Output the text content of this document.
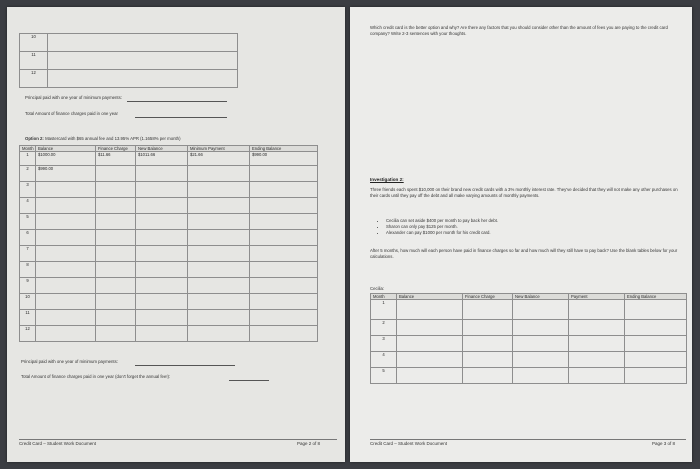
10	
11	
12	
Principal paid with one year of minimum payments:
Total Amount of finance charges paid in one year
Option 2: Mastercard with $65 annual fee and 13.95% APR (1.1658% per month)
Month	Balance	Finance Charge	New Balance	Minimum Payment	Ending Balance
1	$1000.00	$11.66	$1011.66	$21.66	$990.00
2	$990.00				
3					
4					
5					
6					
7					
8					
9					
10					
11					
12					
Principal paid with one year of minimum payments:
Total Amount of finance charges paid in one year (don't forget the annual fee!):
Credit Card – Student Work Document	Page 2 of 8
Which credit card is the better option and why? Are there any factors that you should consider other than the amount of fees you are paying to the credit card company? Write 2-3 sentences with your thoughts.
Investigation 2:
Three friends each spent $10,000 on their brand new credit cards with a 3% monthly interest rate. They've decided that they will not make any other purchases on their cards until they pay off the debt and all make varying amounts of monthly payments.
• Cecilia can set aside $400 per month to pay back her debt.
• Sharon can only pay $125 per month.
• Alexander can pay $1000 per month for his credit card.
After 5 months, how much will each person have paid in finance charges so far and how much will they still have to pay back? Use the blank tables below for your calculations.
Cecilia:
Month	Balance	Finance Charge	New Balance	Payment	Ending Balance
1					
2					
3					
4					
5					
Credit Card – Student Work Document	Page 3 of 8
